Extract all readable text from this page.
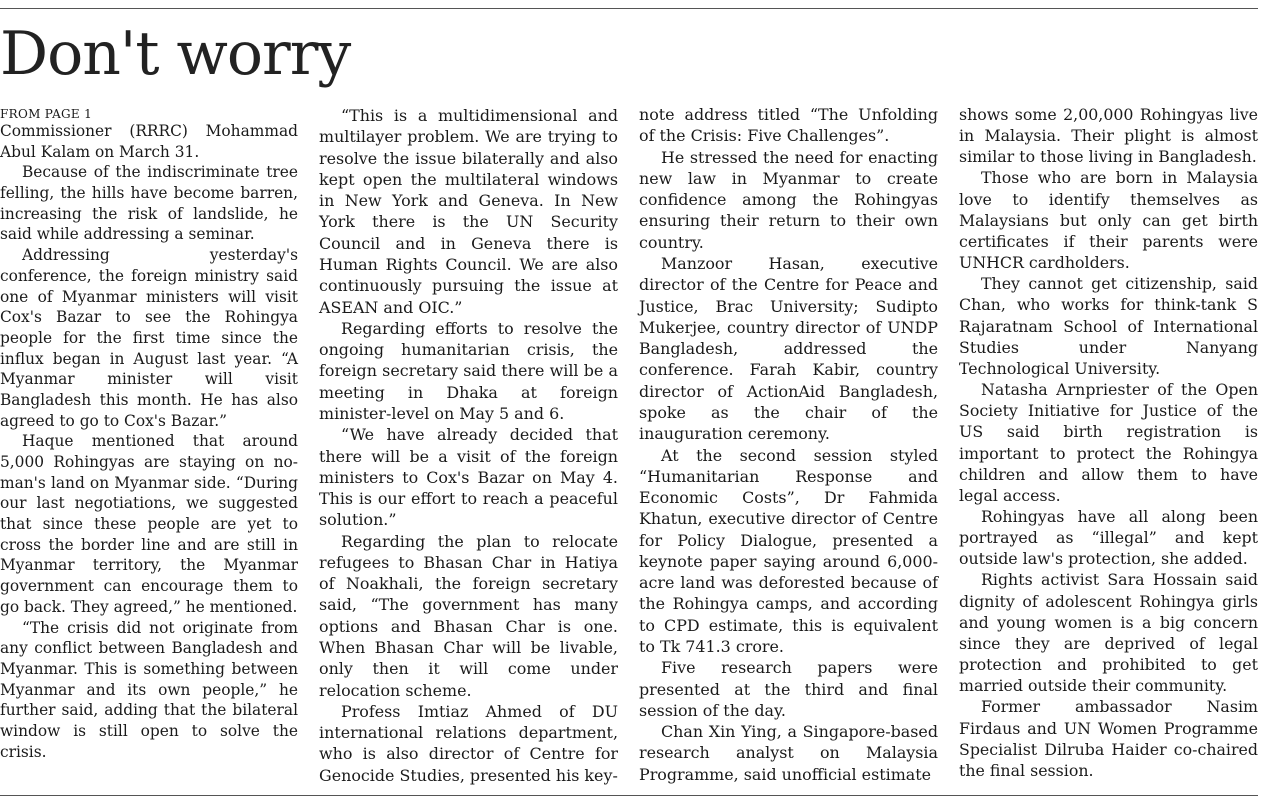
Don't worry

FROM PAGE 1

Commissioner (RRRC) Mohammad Abul Kalam on March 31.

Because of the indiscriminate tree felling, the hills have become barren, increasing the risk of landslide, he said while addressing a seminar.

Addressing yesterday's conference, the foreign ministry said one of Myanmar ministers will visit Cox's Bazar to see the Rohingya people for the first time since the influx began in August last year. “A Myanmar minister will visit Bangladesh this month. He has also agreed to go to Cox's Bazar.”

Haque mentioned that around 5,000 Rohingyas are staying on no-man's land on Myanmar side. “During our last negotiations, we suggested that since these people are yet to cross the border line and are still in Myanmar territory, the Myanmar government can encourage them to go back. They agreed,” he mentioned.

“The crisis did not originate from any conflict between Bangladesh and Myanmar. This is something between Myanmar and its own people,” he further said, adding that the bilateral window is still open to solve the crisis.

“This is a multidimensional and multilayer problem. We are trying to resolve the issue bilaterally and also kept open the multilateral windows in New York and Geneva. In New York there is the UN Security Council and in Geneva there is Human Rights Council. We are also continuously pursuing the issue at ASEAN and OIC.”

Regarding efforts to resolve the ongoing humanitarian crisis, the foreign secretary said there will be a meeting in Dhaka at foreign minister-level on May 5 and 6.

“We have already decided that there will be a visit of the foreign ministers to Cox's Bazar on May 4. This is our effort to reach a peaceful solution.”

Regarding the plan to relocate refugees to Bhasan Char in Hatiya of Noakhali, the foreign secretary said, “The government has many options and Bhasan Char is one. When Bhasan Char will be livable, only then it will come under relocation scheme.

Profess Imtiaz Ahmed of DU international relations department, who is also director of Centre for Genocide Studies, presented his key-

note address titled “The Unfolding of the Crisis: Five Challenges”.

He stressed the need for enacting new law in Myanmar to create confidence among the Rohingyas ensuring their return to their own country.

Manzoor Hasan, executive director of the Centre for Peace and Justice, Brac University; Sudipto Mukerjee, country director of UNDP Bangladesh, addressed the conference. Farah Kabir, country director of ActionAid Bangladesh, spoke as the chair of the inauguration ceremony.

At the second session styled “Humanitarian Response and Economic Costs”, Dr Fahmida Khatun, executive director of Centre for Policy Dialogue, presented a keynote paper saying around 6,000-acre land was deforested because of the Rohingya camps, and according to CPD estimate, this is equivalent to Tk 741.3 crore.

Five research papers were presented at the third and final session of the day.

Chan Xin Ying, a Singapore-based research analyst on Malaysia Programme, said unofficial estimate

shows some 2,00,000 Rohingyas live in Malaysia. Their plight is almost similar to those living in Bangladesh.

Those who are born in Malaysia love to identify themselves as Malaysians but only can get birth certificates if their parents were UNHCR cardholders.

They cannot get citizenship, said Chan, who works for think-tank S Rajaratnam School of International Studies under Nanyang Technological University.

Natasha Arnpriester of the Open Society Initiative for Justice of the US said birth registration is important to protect the Rohingya children and allow them to have legal access.

Rohingyas have all along been portrayed as “illegal” and kept outside law's protection, she added.

Rights activist Sara Hossain said dignity of adolescent Rohingya girls and young women is a big concern since they are deprived of legal protection and prohibited to get married outside their community.

Former ambassador Nasim Firdaus and UN Women Programme Specialist Dilruba Haider co-chaired the final session.
